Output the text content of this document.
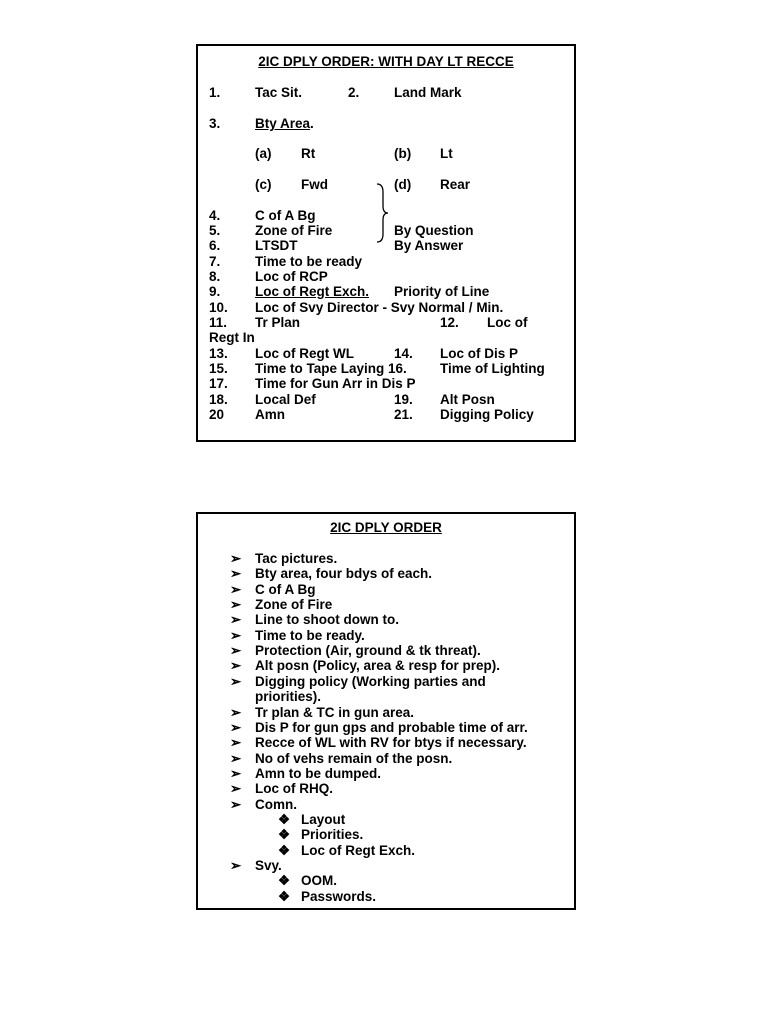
2IC DPLY ORDER: WITH DAY LT RECCE
1.	Tac Sit.	2.	Land Mark
3.	Bty Area.
(a) Rt	(b) Lt
(c) Fwd	(d) Rear
4.	C of A Bg
5.	Zone of Fire	By Question
6.	LTSDT	By Answer
7.	Time to be ready
8.	Loc of RCP
9.	Loc of Regt Exch. Priority of Line
10. Loc of Svy Director - Svy Normal / Min.
11. Tr Plan	12. Loc of
Regt In
13. Loc of Regt WL	14. Loc of Dis P
15. Time to Tape Laying 16. Time of Lighting
17. Time for Gun Arr in Dis P
18. Local Def	19. Alt Posn
20 Amn	21. Digging Policy
2IC DPLY ORDER
➢ Tac pictures.
➢ Bty area, four bdys of each.
➢ C of A Bg
➢ Zone of Fire
➢ Line to shoot down to.
➢ Time to be ready.
➢ Protection (Air, ground & tk threat).
➢ Alt posn (Policy, area & resp for prep).
➢ Digging policy (Working parties and
priorities).
➢ Tr plan & TC in gun area.
➢ Dis P for gun gps and probable time of arr.
➢ Recce of WL with RV for btys if necessary.
➢ No of vehs remain of the posn.
➢ Amn to be dumped.
➢ Loc of RHQ.
➢ Comn.
❖ Layout
❖ Priorities.
❖ Loc of Regt Exch.
➢ Svy.
❖ OOM.
❖ Passwords.
